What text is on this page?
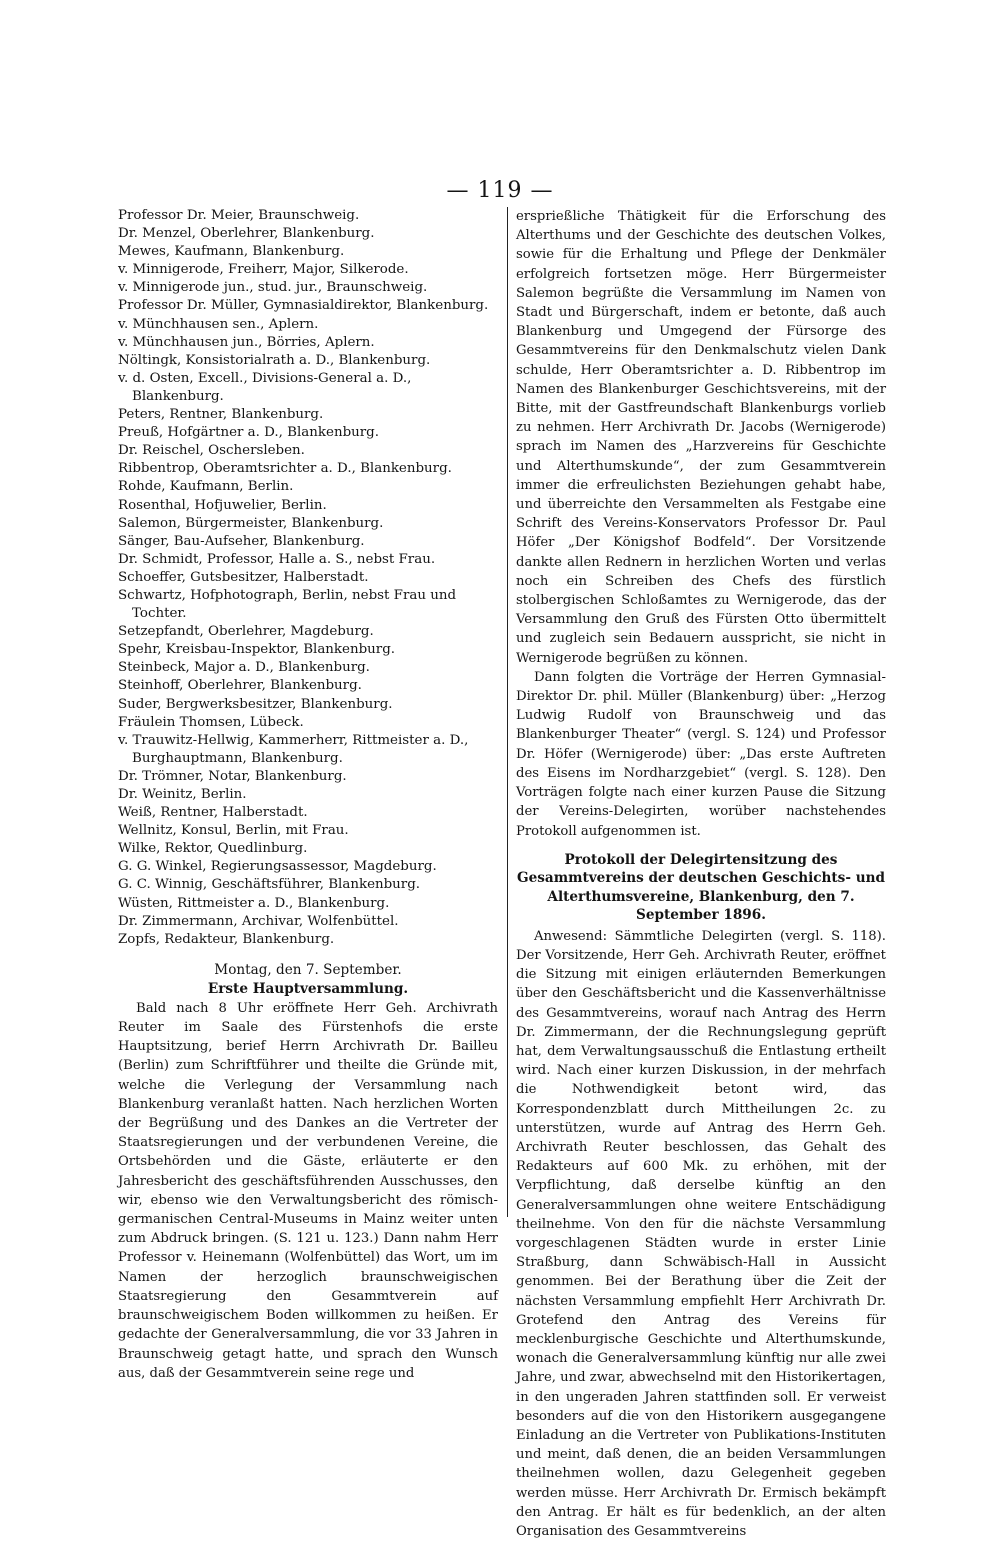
— 119 —
Professor Dr. Meier, Braunschweig.
Dr. Menzel, Oberlehrer, Blankenburg.
Mewes, Kaufmann, Blankenburg.
v. Minnigerode, Freiherr, Major, Silkerode.
v. Minnigerode jun., stud. jur., Braunschweig.
Professor Dr. Müller, Gymnasialdirektor, Blankenburg.
v. Münchhausen sen., Aplern.
v. Münchhausen jun., Börries, Aplern.
Nöltingk, Konsistorialrath a. D., Blankenburg.
v. d. Osten, Excell., Divisions-General a. D., Blankenburg.
Peters, Rentner, Blankenburg.
Preuß, Hofgärtner a. D., Blankenburg.
Dr. Reischel, Oschersleben.
Ribbentrop, Oberamtsrichter a. D., Blankenburg.
Rohde, Kaufmann, Berlin.
Rosenthal, Hofjuwelier, Berlin.
Salemon, Bürgermeister, Blankenburg.
Sänger, Bau-Aufseher, Blankenburg.
Dr. Schmidt, Professor, Halle a. S., nebst Frau.
Schoeffer, Gutsbesitzer, Halberstadt.
Schwartz, Hofphotograph, Berlin, nebst Frau und Tochter.
Setzepfandt, Oberlehrer, Magdeburg.
Spehr, Kreisbau-Inspektor, Blankenburg.
Steinbeck, Major a. D., Blankenburg.
Steinhoff, Oberlehrer, Blankenburg.
Suder, Bergwerksbesitzer, Blankenburg.
Fräulein Thomsen, Lübeck.
v. Trauwitz-Hellwig, Kammerherr, Rittmeister a. D., Burghauptmann, Blankenburg.
Dr. Trömner, Notar, Blankenburg.
Dr. Weinitz, Berlin.
Weiß, Rentner, Halberstadt.
Wellnitz, Konsul, Berlin, mit Frau.
Wilke, Rektor, Quedlinburg.
G. G. Winkel, Regierungsassessor, Magdeburg.
G. C. Winnig, Geschäftsführer, Blankenburg.
Wüsten, Rittmeister a. D., Blankenburg.
Dr. Zimmermann, Archivar, Wolfenbüttel.
Zopfs, Redakteur, Blankenburg.
Montag, den 7. September.
Erste Hauptversammlung.

Bald nach 8 Uhr eröffnete Herr Geh. Archivrath Reuter im Saale des Fürstenhofs die erste Hauptsitzung, berief Herrn Archivrath Dr. Bailleu (Berlin) zum Schriftführer und theilte die Gründe mit, welche die Verlegung der Versammlung nach Blankenburg veranlaßt hatten. Nach herzlichen Worten der Begrüßung und des Dankes an die Vertreter der Staatsregierungen und der verbundenen Vereine, die Ortsbehörden und die Gäste, erläuterte er den Jahresbericht des geschäftsführenden Ausschusses, den wir, ebenso wie den Verwaltungsbericht des römisch-germanischen Central-Museums in Mainz weiter unten zum Abdruck bringen. (S. 121 u. 123.) Dann nahm Herr Professor v. Heinemann (Wolfenbüttel) das Wort, um im Namen der herzoglich braunschweigischen Staatsregierung den Gesammtverein auf braunschweigischem Boden willkommen zu heißen. Er gedachte der Generalversammlung, die vor 33 Jahren in Braunschweig getagt hatte, und sprach den Wunsch aus, daß der Gesammtverein seine rege und

ersprießliche Thätigkeit für die Erforschung des Alterthums und der Geschichte des deutschen Volkes, sowie für die Erhaltung und Pflege der Denkmäler erfolgreich fortsetzen möge. Herr Bürgermeister Salemon begrüßte die Versammlung im Namen von Stadt und Bürgerschaft, indem er betonte, daß auch Blankenburg und Umgegend der Fürsorge des Gesammtvereins für den Denkmalschutz vielen Dank schulde, Herr Oberamtsrichter a. D. Ribbentrop im Namen des Blankenburger Geschichtsvereins, mit der Bitte, mit der Gastfreundschaft Blankenburgs vorlieb zu nehmen. Herr Archivrath Dr. Jacobs (Wernigerode) sprach im Namen des „Harzvereins für Geschichte und Alterthumskunde“, der zum Gesammtverein immer die erfreulichsten Beziehungen gehabt habe, und überreichte den Versammelten als Festgabe eine Schrift des Vereins-Konservators Professor Dr. Paul Höfer „Der Königshof Bodfeld“. Der Vorsitzende dankte allen Rednern in herzlichen Worten und verlas noch ein Schreiben des Chefs des fürstlich stolbergischen Schloßamtes zu Wernigerode, das der Versammlung den Gruß des Fürsten Otto übermittelt und zugleich sein Bedauern ausspricht, sie nicht in Wernigerode begrüßen zu können.

Dann folgten die Vorträge der Herren Gymnasial-Direktor Dr. phil. Müller (Blankenburg) über: „Herzog Ludwig Rudolf von Braunschweig und das Blankenburger Theater“ (vergl. S. 124) und Professor Dr. Höfer (Wernigerode) über: „Das erste Auftreten des Eisens im Nordharzgebiet“ (vergl. S. 128). Den Vorträgen folgte nach einer kurzen Pause die Sitzung der Vereins-Delegirten, worüber nachstehendes Protokoll aufgenommen ist.

Protokoll der Delegirtensitzung des Gesammtvereins der deutschen Geschichts- und Alterthumsvereine, Blankenburg, den 7. September 1896.

Anwesend: Sämmtliche Delegirten (vergl. S. 118). Der Vorsitzende, Herr Geh. Archivrath Reuter, eröffnet die Sitzung mit einigen erläuternden Bemerkungen über den Geschäftsbericht und die Kassenverhältnisse des Gesammtvereins, worauf nach Antrag des Herrn Dr. Zimmermann, der die Rechnungslegung geprüft hat, dem Verwaltungsausschuß die Entlastung ertheilt wird. Nach einer kurzen Diskussion, in der mehrfach die Nothwendigkeit betont wird, das Korrespondenzblatt durch Mittheilungen 2c. zu unterstützen, wurde auf Antrag des Herrn Geh. Archivrath Reuter beschlossen, das Gehalt des Redakteurs auf 600 Mk. zu erhöhen, mit der Verpflichtung, daß derselbe künftig an den Generalversammlungen ohne weitere Entschädigung theilnehme. Von den für die nächste Versammlung vorgeschlagenen Städten wurde in erster Linie Straßburg, dann Schwäbisch-Hall in Aussicht genommen. Bei der Berathung über die Zeit der nächsten Versammlung empfiehlt Herr Archivrath Dr. Grotefend den Antrag des Vereins für mecklenburgische Geschichte und Alterthumskunde, wonach die Generalversammlung künftig nur alle zwei Jahre, und zwar, abwechselnd mit den Historikertagen, in den ungeraden Jahren stattfinden soll. Er verweist besonders auf die von den Historikern ausgegangene Einladung an die Vertreter von Publikations-Instituten und meint, daß denen, die an beiden Versammlungen theilnehmen wollen, dazu Gelegenheit gegeben werden müsse. Herr Archivrath Dr. Ermisch bekämpft den Antrag. Er hält es für bedenklich, an der alten Organisation des Gesammtvereins
